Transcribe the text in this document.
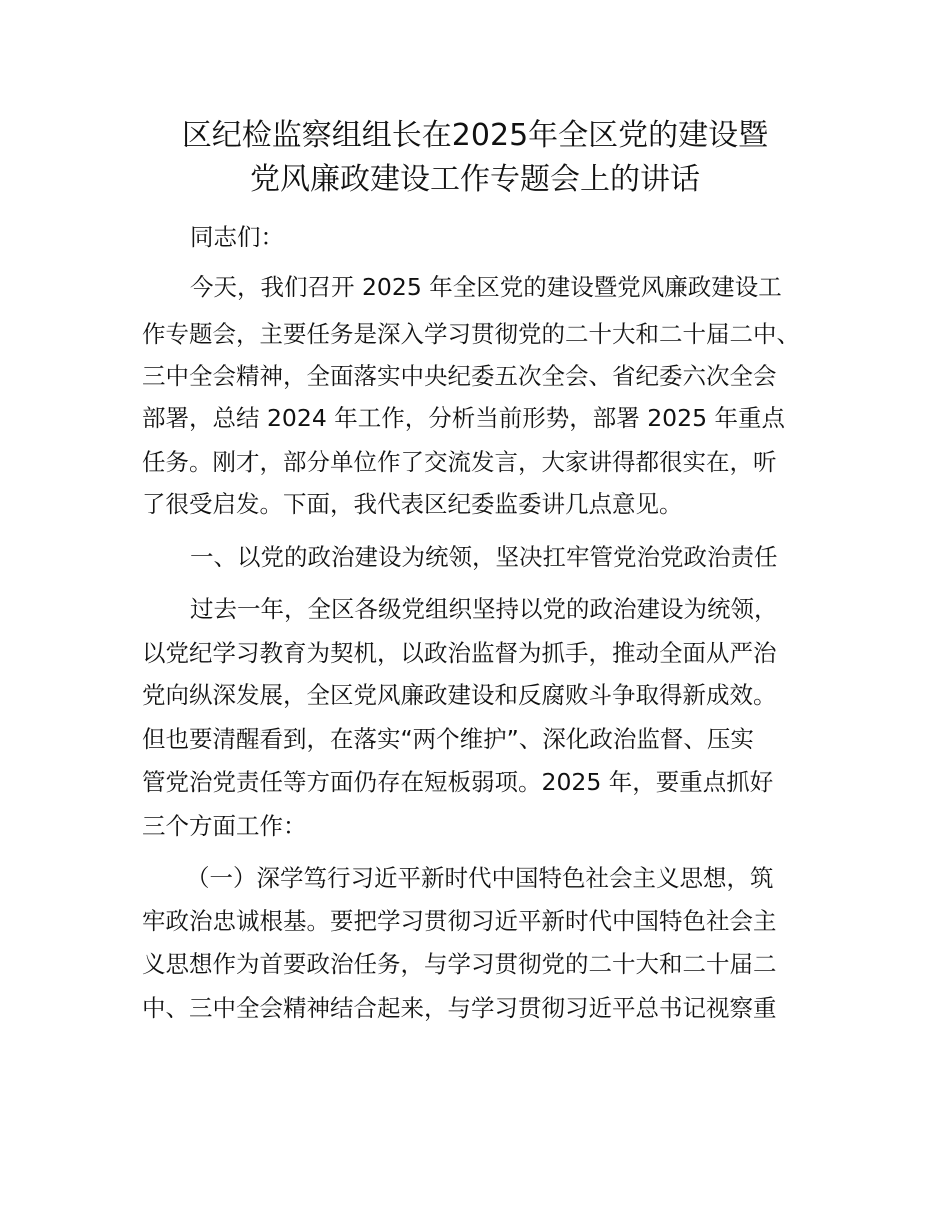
区纪检监察组组长在2025年全区党的建设暨
党风廉政建设工作专题会上的讲话
同志们：
今天，我们召开 2025 年全区党的建设暨党风廉政建设工
作专题会，主要任务是深入学习贯彻党的二十大和二十届二中、
三中全会精神，全面落实中央纪委五次全会、省纪委六次全会
部署，总结 2024 年工作，分析当前形势，部署 2025 年重点
任务。刚才，部分单位作了交流发言，大家讲得都很实在，听
了很受启发。下面，我代表区纪委监委讲几点意见。
一、以党的政治建设为统领，坚决扛牢管党治党政治责任
过去一年，全区各级党组织坚持以党的政治建设为统领，
以党纪学习教育为契机，以政治监督为抓手，推动全面从严治
党向纵深发展，全区党风廉政建设和反腐败斗争取得新成效。
但也要清醒看到，在落实“两个维护”、深化政治监督、压实
管党治党责任等方面仍存在短板弱项。2025 年，要重点抓好
三个方面工作：
（一）深学笃行习近平新时代中国特色社会主义思想，筑
牢政治忠诚根基。要把学习贯彻习近平新时代中国特色社会主
义思想作为首要政治任务，与学习贯彻党的二十大和二十届二
中、三中全会精神结合起来，与学习贯彻习近平总书记视察重
